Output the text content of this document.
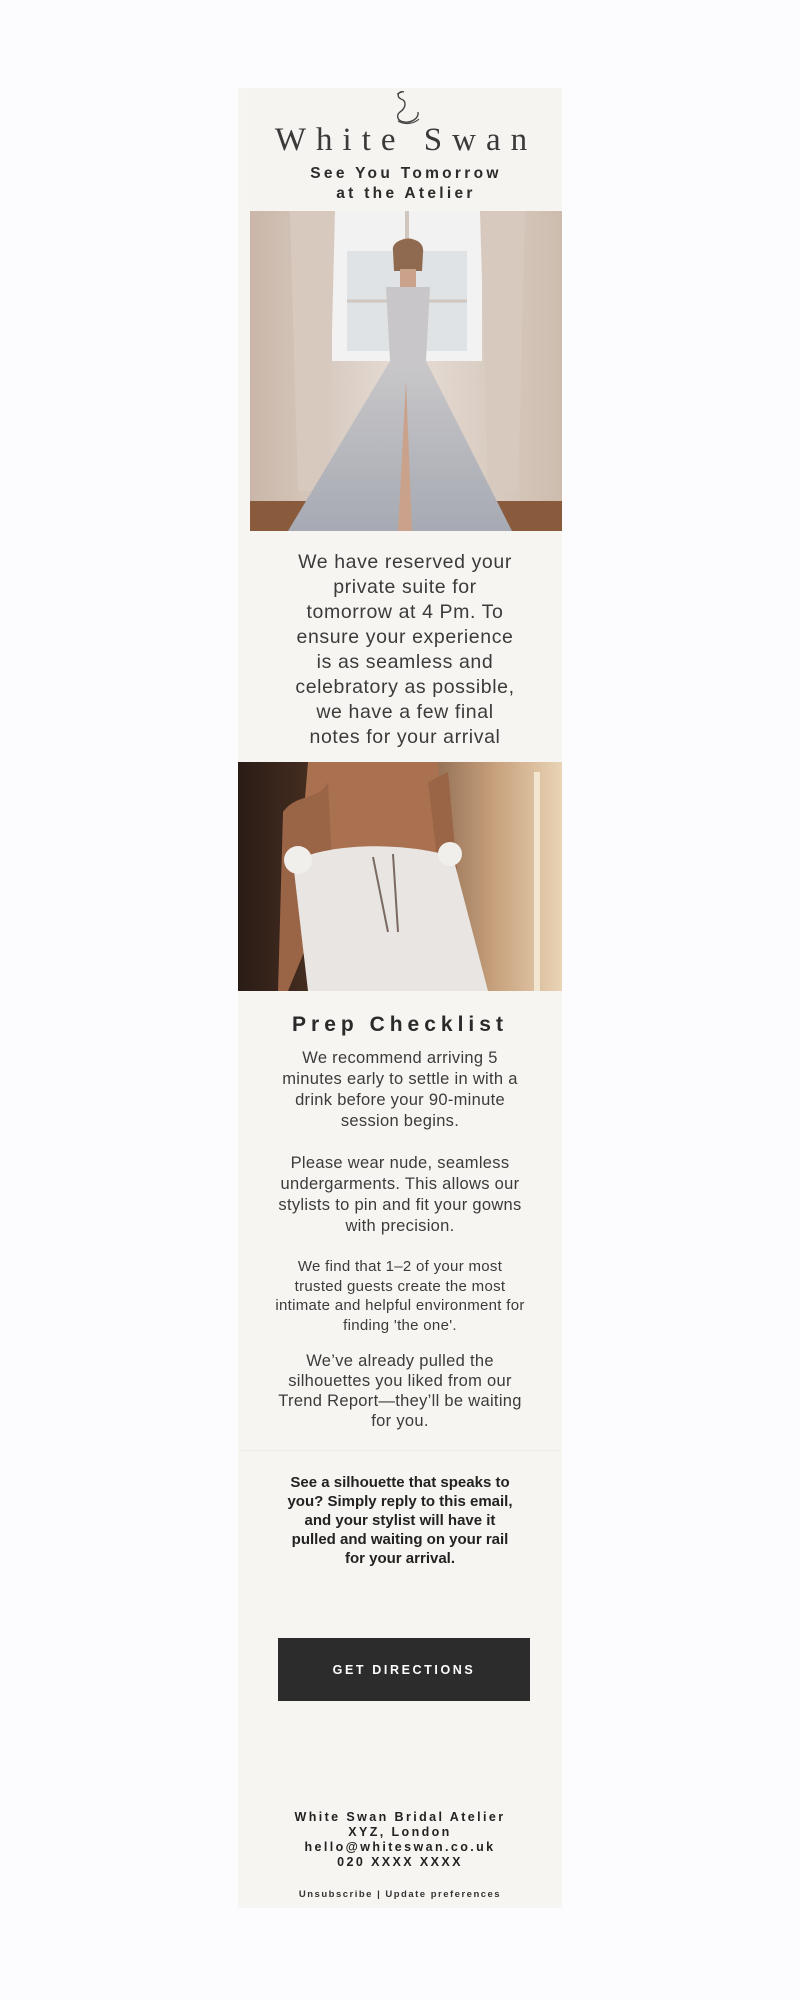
White Swan
See You Tomorrow
at the Atelier
We have reserved your
private suite for
tomorrow at 4 Pm. To
ensure your experience
is as seamless and
celebratory as possible,
we have a few final
notes for your arrival
Prep Checklist
We recommend arriving 5
minutes early to settle in with a
drink before your 90-minute
session begins.
Please wear nude, seamless
undergarments. This allows our
stylists to pin and fit your gowns
with precision.
We find that 1–2 of your most
trusted guests create the most
intimate and helpful environment for
finding 'the one'.
We’ve already pulled the
silhouettes you liked from our
Trend Report—they’ll be waiting
for you.
See a silhouette that speaks to
you? Simply reply to this email,
and your stylist will have it
pulled and waiting on your rail
for your arrival.
GET DIRECTIONS
White Swan Bridal Atelier
XYZ, London
hello@whiteswan.co.uk
020 XXXX XXXX
Unsubscribe | Update preferences
